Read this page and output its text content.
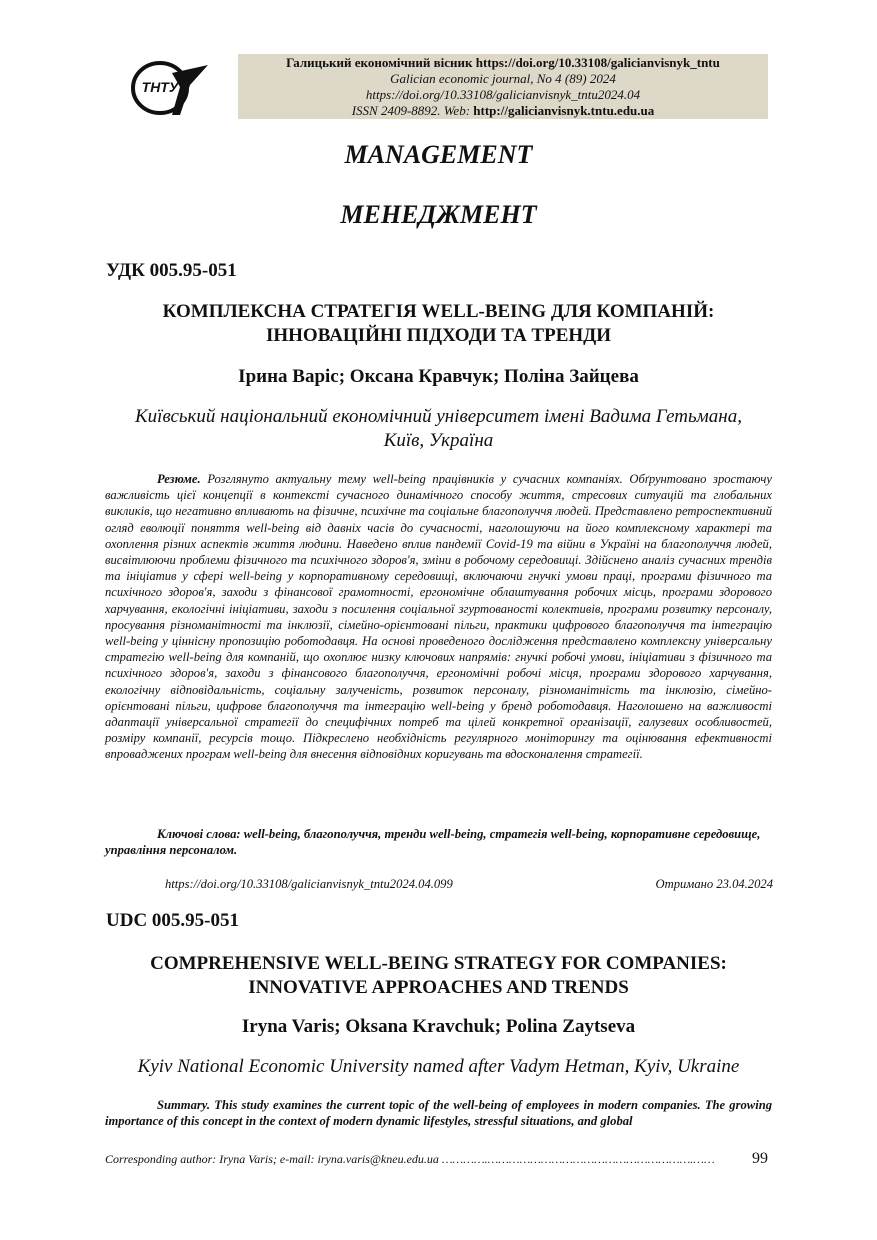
ТНТУ
Галицький економічний вісник https://doi.org/10.33108/galicianvisnyk_tntu
Galician economic journal, No 4 (89) 2024
https://doi.org/10.33108/galicianvisnyk_tntu2024.04
ISSN 2409-8892. Web: http://galicianvisnyk.tntu.edu.ua
MANAGEMENT
МЕНЕДЖМЕНТ
УДК 005.95-051
КОМПЛЕКСНА СТРАТЕГІЯ WELL-BEING ДЛЯ КОМПАНІЙ:
ІННОВАЦІЙНІ ПІДХОДИ ТА ТРЕНДИ
Ірина Варіс; Оксана Кравчук; Поліна Зайцева
Київський національний економічний університет імені Вадима Гетьмана,
Київ, Україна

Резюме. Розглянуто актуальну тему well-being працівників у сучасних компаніях. Обґрунтовано зростаючу важливість цієї концепції в контексті сучасного динамічного способу життя, стресових ситуацій та глобальних викликів, що негативно впливають на фізичне, психічне та соціальне благополуччя людей. Представлено ретроспективний огляд еволюції поняття well-being від давніх часів до сучасності, наголошуючи на його комплексному характері та охоплення різних аспектів життя людини. Наведено вплив пандемії Covid-19 та війни в Україні на благополуччя людей, висвітлюючи проблеми фізичного та психічного здоров'я, зміни в робочому середовищі. Здійснено аналіз сучасних трендів та ініціатив у сфері well-being у корпоративному середовищі, включаючи гнучкі умови праці, програми фізичного та психічного здоров'я, заходи з фінансової грамотності, ергономічне облаштування робочих місць, програми здорового харчування, екологічні ініціативи, заходи з посилення соціальної згуртованості колективів, програми розвитку персоналу, просування різноманітності та інклюзії, сімейно-орієнтовані пільги, практики цифрового благополуччя та інтеграцію well-being у ціннісну пропозицію роботодавця. На основі проведеного дослідження представлено комплексну універсальну стратегію well-being для компаній, що охоплює низку ключових напрямів: гнучкі робочі умови, ініціативи з фізичного та психічного здоров'я, заходи з фінансового благополуччя, ергономічні робочі місця, програми здорового харчування, екологічну відповідальність, соціальну залученість, розвиток персоналу, різноманітність та інклюзію, сімейно-орієнтовані пільги, цифрове благополуччя та інтеграцію well-being у бренд роботодавця. Наголошено на важливості адаптації універсальної стратегії до специфічних потреб та цілей конкретної організації, галузевих особливостей, розміру компанії, ресурсів тощо. Підкреслено необхідність регулярного моніторингу та оцінювання ефективності впроваджених програм well-being для внесення відповідних коригувань та вдосконалення стратегії.

Ключові слова: well-being, благополуччя, тренди well-being, стратегія well-being, корпоративне середовище, управління персоналом.

https://doi.org/10.33108/galicianvisnyk_tntu2024.04.099	Отримано 23.04.2024
UDC 005.95-051
COMPREHENSIVE WELL-BEING STRATEGY FOR COMPANIES:
INNOVATIVE APPROACHES AND TRENDS
Iryna Varis; Oksana Kravchuk; Polina Zaytseva
Kyiv National Economic University named after Vadym Hetman, Kyiv, Ukraine

Summary. This study examines the current topic of the well-being of employees in modern companies. The growing importance of this concept in the context of modern dynamic lifestyles, stressful situations, and global

Corresponding author: Iryna Varis; e-mail: iryna.varis@kneu.edu.ua ………….………………………………………………….……	99
